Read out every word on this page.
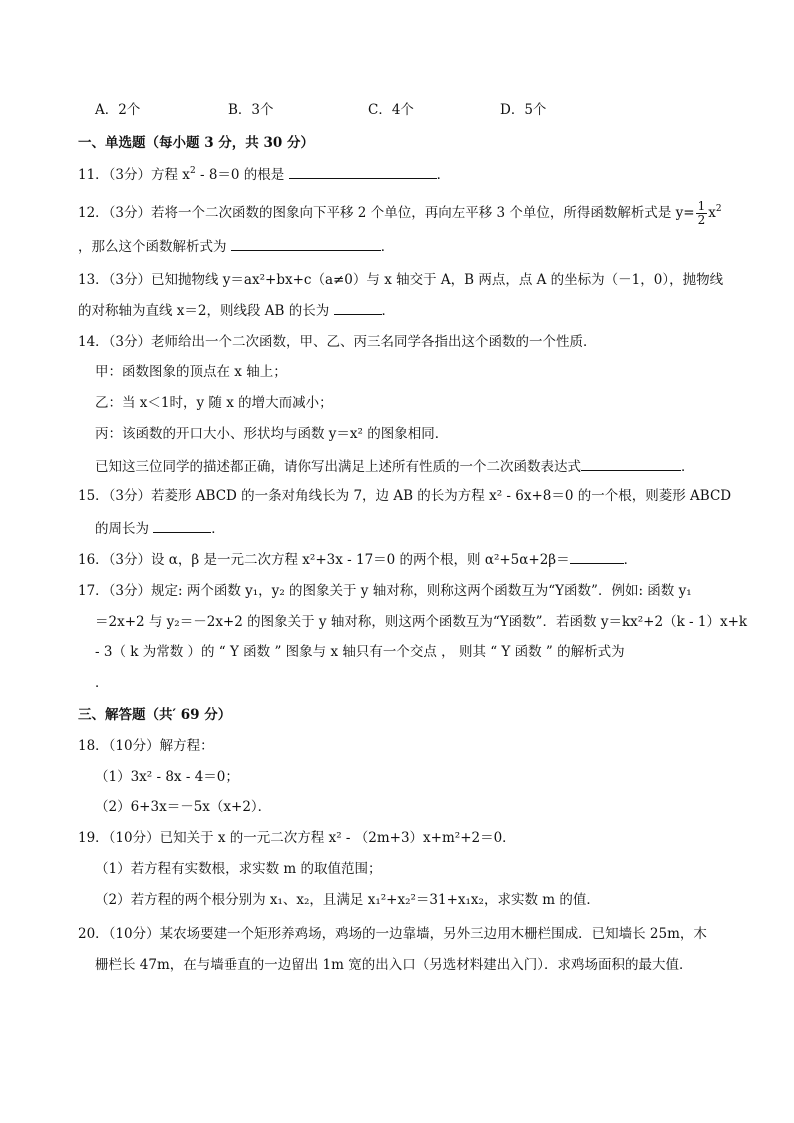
A．2个	B．3个	C．4个	D．5个
一、单选题（每小题 3 分，共 30 分）
11．（3分）方程 $x^2 - 8=0$ 的根是	．
12．（3分）若将一个二次函数的图象向下平移 2 个单位，再向左平移 3 个单位，所得函数解析式是 $y= \frac{1}{2} x^2$
，那么这个函数解析式为	．
13．（3分）已知抛物线 y＝ax²+bx+c（a≠0）与 x 轴交于 A，B 两点，点 A 的坐标为（－1，0），抛物线
的对称轴为直线 x＝2，则线段 AB 的长为	．
14．（3分）老师给出一个二次函数，甲、乙、丙三名同学各指出这个函数的一个性质．
甲：函数图象的顶点在 x 轴上；
乙：当 x＜1时，y 随 x 的增大而减小；
丙：该函数的开口大小、形状均与函数 y＝x² 的图象相同．
已知这三位同学的描述都正确，请你写出满足上述所有性质的一个二次函数表达式	．
15．（3分）若菱形 ABCD 的一条对角线长为 7，边 AB 的长为方程 x² - 6x+8＝0 的一个根，则菱形 ABCD
的周长为	．
16．（3分）设 α，β 是一元二次方程 x²+3x - 17＝0 的两个根，则 α²+5α+2β＝	．
17．（3分）规定: 两个函数 y₁，y₂ 的图象关于 y 轴对称，则称这两个函数互为“Y函数”．例如: 函数 y₁
＝2x+2 与 y₂＝－2x+2 的图象关于 y 轴对称，则这两个函数互为“Y函数”．若函数 y＝kx²+2（k - 1）x+k
- 3（ k 为常数 ）的 “ Y 函数 ” 图象与 x 轴只有一个交点 ， 则其 “ Y 函数 ” 的解析式为
．
三、解答题（共′ 69 分）
18．（10分）解方程：
（1）3x² - 8x - 4＝0；
（2）6+3x＝－5x（x+2）．
19．（10分）已知关于 x 的一元二次方程 x² - （2m+3）x+m²+2＝0．
（1）若方程有实数根，求实数 m 的取值范围；
（2）若方程的两个根分别为 x₁、x₂，且满足 x₁²+x₂²＝31+x₁x₂，求实数 m 的值．
20．（10分）某农场要建一个矩形养鸡场，鸡场的一边靠墙，另外三边用木栅栏围成．已知墙长 25m，木
栅栏长 47m，在与墙垂直的一边留出 1m 宽的出入口（另选材料建出入门）．求鸡场面积的最大值．
